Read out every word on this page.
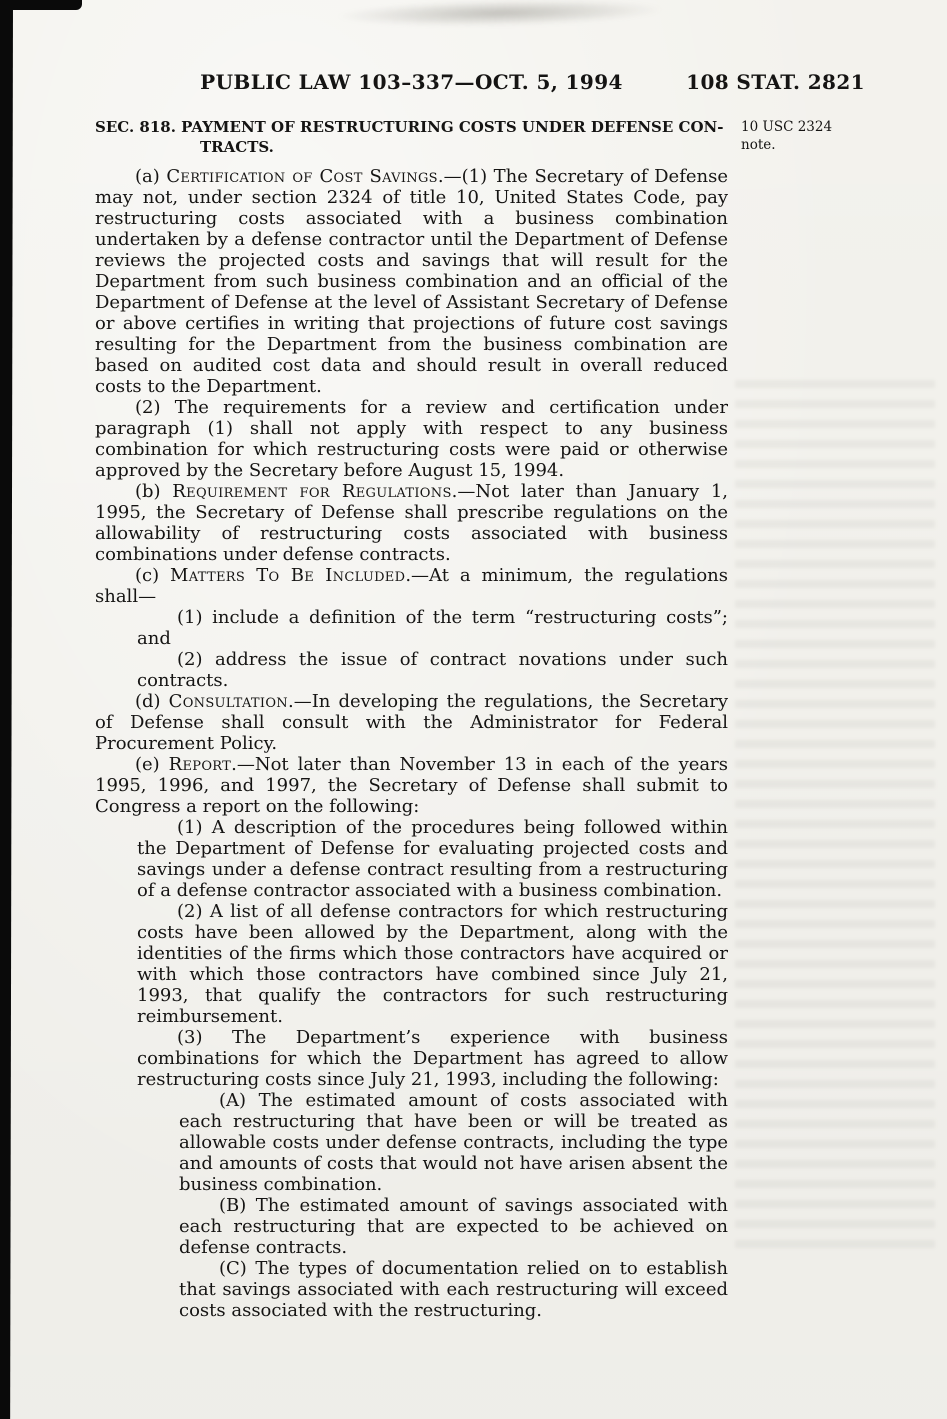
PUBLIC LAW 103–337—OCT. 5, 1994	108 STAT. 2821
SEC. 818. PAYMENT OF RESTRUCTURING COSTS UNDER DEFENSE CON-
TRACTS.
10 USC 2324
note.

(a) Certification of Cost Savings.—(1) The Secretary of Defense may not, under section 2324 of title 10, United States Code, pay restructuring costs associated with a business combination undertaken by a defense contractor until the Department of Defense reviews the projected costs and savings that will result for the Department from such business combination and an official of the Department of Defense at the level of Assistant Secretary of Defense or above certifies in writing that projections of future cost savings resulting for the Department from the business combination are based on audited cost data and should result in overall reduced costs to the Department.

(2) The requirements for a review and certification under paragraph (1) shall not apply with respect to any business combination for which restructuring costs were paid or otherwise approved by the Secretary before August 15, 1994.

(b) Requirement for Regulations.—Not later than January 1, 1995, the Secretary of Defense shall prescribe regulations on the allowability of restructuring costs associated with business combinations under defense contracts.

(c) Matters To Be Included.—At a minimum, the regulations shall—

(1) include a definition of the term “restructuring costs”; and

(2) address the issue of contract novations under such contracts.

(d) Consultation.—In developing the regulations, the Secretary of Defense shall consult with the Administrator for Federal Procurement Policy.

(e) Report.—Not later than November 13 in each of the years 1995, 1996, and 1997, the Secretary of Defense shall submit to Congress a report on the following:

(1) A description of the procedures being followed within the Department of Defense for evaluating projected costs and savings under a defense contract resulting from a restructuring of a defense contractor associated with a business combination.

(2) A list of all defense contractors for which restructuring costs have been allowed by the Department, along with the identities of the firms which those contractors have acquired or with which those contractors have combined since July 21, 1993, that qualify the contractors for such restructuring reimbursement.

(3) The Department’s experience with business combinations for which the Department has agreed to allow restructuring costs since July 21, 1993, including the following:

(A) The estimated amount of costs associated with each restructuring that have been or will be treated as allowable costs under defense contracts, including the type and amounts of costs that would not have arisen absent the business combination.

(B) The estimated amount of savings associated with each restructuring that are expected to be achieved on defense contracts.

(C) The types of documentation relied on to establish that savings associated with each restructuring will exceed costs associated with the restructuring.
